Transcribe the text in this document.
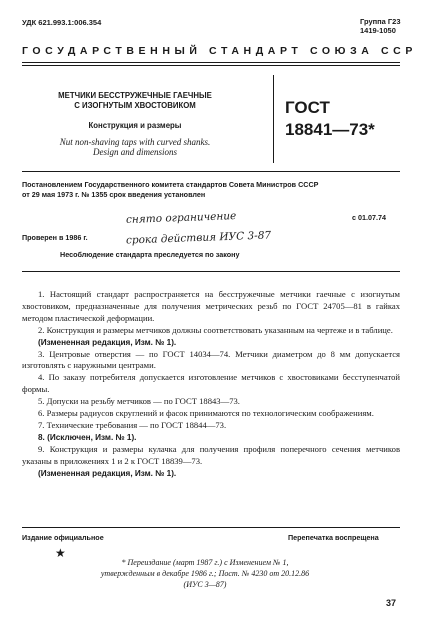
УДК 621.993.1:006.354	Группа Г23
1419-1050
ГОСУДАРСТВЕННЫЙ СТАНДАРТ СОЮЗА ССР
МЕТЧИКИ БЕССТРУЖЕЧНЫЕ ГАЕЧНЫЕ
С ИЗОГНУТЫМ ХВОСТОВИКОМ
Конструкция и размеры
Nut non-shaving taps with curved shanks.
Design and dimensions
ГОСТ
18841—73*
Постановлением Государственного комитета стандартов Совета Министров СССР
от 29 мая 1973 г. № 1355 срок введения установлен
с 01.07.74
снято ограничение
Проверен в 1986 г.	срока действия ИУС 3-87
Несоблюдение стандарта преследуется по закону

1. Настоящий стандарт распространяется на бесстружечные метчики гаечные с изогнутым хвостовиком, предназначенные для получения метрических резьб по ГОСТ 24705—81 в гайках методом пластической деформации.

2. Конструкция и размеры метчиков должны соответствовать указанным на чертеже и в таблице.

(Измененная редакция, Изм. № 1).

3. Центровые отверстия — по ГОСТ 14034—74. Метчики диаметром до 8 мм допускается изготовлять с наружными центрами.

4. По заказу потребителя допускается изготовление метчиков с хвостовиками бесступенчатой формы.

5. Допуски на резьбу метчиков — по ГОСТ 18843—73.

6. Размеры радиусов скруглений и фасок принимаются по технологическим соображениям.

7. Технические требования — по ГОСТ 18844—73.

8. (Исключен, Изм. № 1).

9. Конструкция и размеры кулачка для получения профиля поперечного сечения метчиков указаны в приложениях 1 и 2 к ГОСТ 18839—73.

(Измененная редакция, Изм. № 1).

Издание официальное	Перепечатка воспрещена
★
* Переиздание (март 1987 г.) с Изменением № 1,
утвержденным в декабре 1986 г.; Пост. № 4230 от 20.12.86
(ИУС 3—87)
37
